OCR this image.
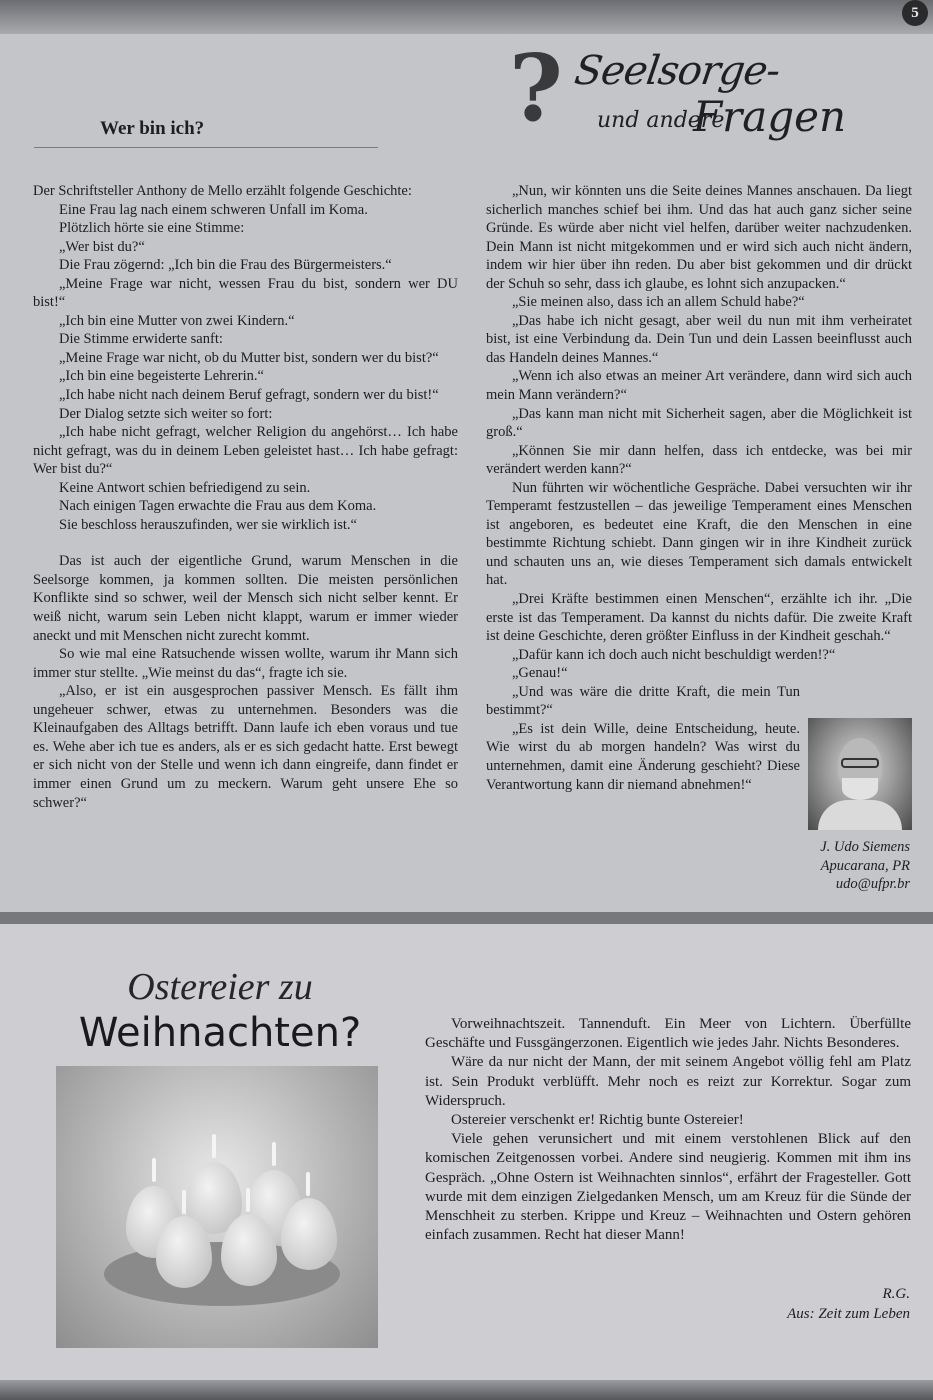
5
Wer bin ich?	? Seelsorge-
und andere
Fragen

Der Schriftsteller Anthony de Mello erzählt folgende Geschichte:

Eine Frau lag nach einem schweren Unfall im Koma.

Plötzlich hörte sie eine Stimme:

„Wer bist du?“

Die Frau zögernd: „Ich bin die Frau des Bürgermeisters.“

„Meine Frage war nicht, wessen Frau du bist, sondern wer DU bist!“

„Ich bin eine Mutter von zwei Kindern.“

Die Stimme erwiderte sanft:

„Meine Frage war nicht, ob du Mutter bist, sondern wer du bist?“

„Ich bin eine begeisterte Lehrerin.“

„Ich habe nicht nach deinem Beruf gefragt, sondern wer du bist!“

Der Dialog setzte sich weiter so fort:

„Ich habe nicht gefragt, welcher Religion du angehörst… Ich habe nicht gefragt, was du in deinem Leben geleistet hast… Ich habe gefragt: Wer bist du?“

Keine Antwort schien befriedigend zu sein.

Nach einigen Tagen erwachte die Frau aus dem Koma.

Sie beschloss herauszufinden, wer sie wirklich ist.“

Das ist auch der eigentliche Grund, warum Menschen in die Seelsorge kommen, ja kommen sollten. Die meisten persönlichen Konflikte sind so schwer, weil der Mensch sich nicht selber kennt. Er weiß nicht, warum sein Leben nicht klappt, warum er immer wieder aneckt und mit Menschen nicht zurecht kommt.

So wie mal eine Ratsuchende wissen wollte, warum ihr Mann sich immer stur stellte. „Wie meinst du das“, fragte ich sie.

„Also, er ist ein ausgesprochen passiver Mensch. Es fällt ihm ungeheuer schwer, etwas zu unternehmen. Besonders was die Kleinaufgaben des Alltags betrifft. Dann laufe ich eben voraus und tue es. Wehe aber ich tue es anders, als er es sich gedacht hatte. Erst bewegt er sich nicht von der Stelle und wenn ich dann eingreife, dann findet er immer einen Grund um zu meckern. Warum geht unsere Ehe so schwer?“

„Nun, wir könnten uns die Seite deines Mannes anschauen. Da liegt sicherlich manches schief bei ihm. Und das hat auch ganz sicher seine Gründe. Es würde aber nicht viel helfen, darüber weiter nachzudenken. Dein Mann ist nicht mitgekommen und er wird sich auch nicht ändern, indem wir hier über ihn reden. Du aber bist gekommen und dir drückt der Schuh so sehr, dass ich glaube, es lohnt sich anzupacken.“

„Sie meinen also, dass ich an allem Schuld habe?“

„Das habe ich nicht gesagt, aber weil du nun mit ihm verheiratet bist, ist eine Verbindung da. Dein Tun und dein Lassen beeinflusst auch das Handeln deines Mannes.“

„Wenn ich also etwas an meiner Art verändere, dann wird sich auch mein Mann verändern?“

„Das kann man nicht mit Sicherheit sagen, aber die Möglichkeit ist groß.“

„Können Sie mir dann helfen, dass ich entdecke, was bei mir verändert werden kann?“

Nun führten wir wöchentliche Gespräche. Dabei versuchten wir ihr Temperamt festzustellen – das jeweilige Temperament eines Menschen ist angeboren, es bedeutet eine Kraft, die den Menschen in eine bestimmte Richtung schiebt. Dann gingen wir in ihre Kindheit zurück und schauten uns an, wie dieses Temperament sich damals entwickelt hat.

„Drei Kräfte bestimmen einen Menschen“, erzählte ich ihr. „Die erste ist das Temperament. Da kannst du nichts dafür. Die zweite Kraft ist deine Geschichte, deren größter Einfluss in der Kindheit geschah.“

„Dafür kann ich doch auch nicht beschuldigt werden!?“

„Genau!“

„Und was wäre die dritte Kraft, die mein Tun bestimmt?“

„Es ist dein Wille, deine Entscheidung, heute. Wie wirst du ab morgen handeln? Was wirst du unternehmen, damit eine Änderung geschieht? Diese Verantwortung kann dir niemand abnehmen!“

J. Udo Siemens
Apucarana, PR
udo@ufpr.br
Ostereier zu
Weihnachten?	Vorweihnachtszeit. Tannenduft. Ein Meer von Lichtern. Überfüllte Geschäfte und Fussgängerzonen. Eigentlich wie jedes Jahr. Nichts Besonderes.

Wäre da nur nicht der Mann, der mit seinem Angebot völlig fehl am Platz ist. Sein Produkt verblüfft. Mehr noch es reizt zur Korrektur. Sogar zum Widerspruch.

Ostereier verschenkt er! Richtig bunte Ostereier!

Viele gehen verunsichert und mit einem verstohlenen Blick auf den komischen Zeitgenossen vorbei. Andere sind neugierig. Kommen mit ihm ins Gespräch. „Ohne Ostern ist Weihnachten sinnlos“, erfährt der Fragesteller. Gott wurde mit dem einzigen Zielgedanken Mensch, um am Kreuz für die Sünde der Menschheit zu sterben. Krippe und Kreuz – Weihnachten und Ostern gehören einfach zusammen. Recht hat dieser Mann!

R.G.
Aus: Zeit zum Leben
